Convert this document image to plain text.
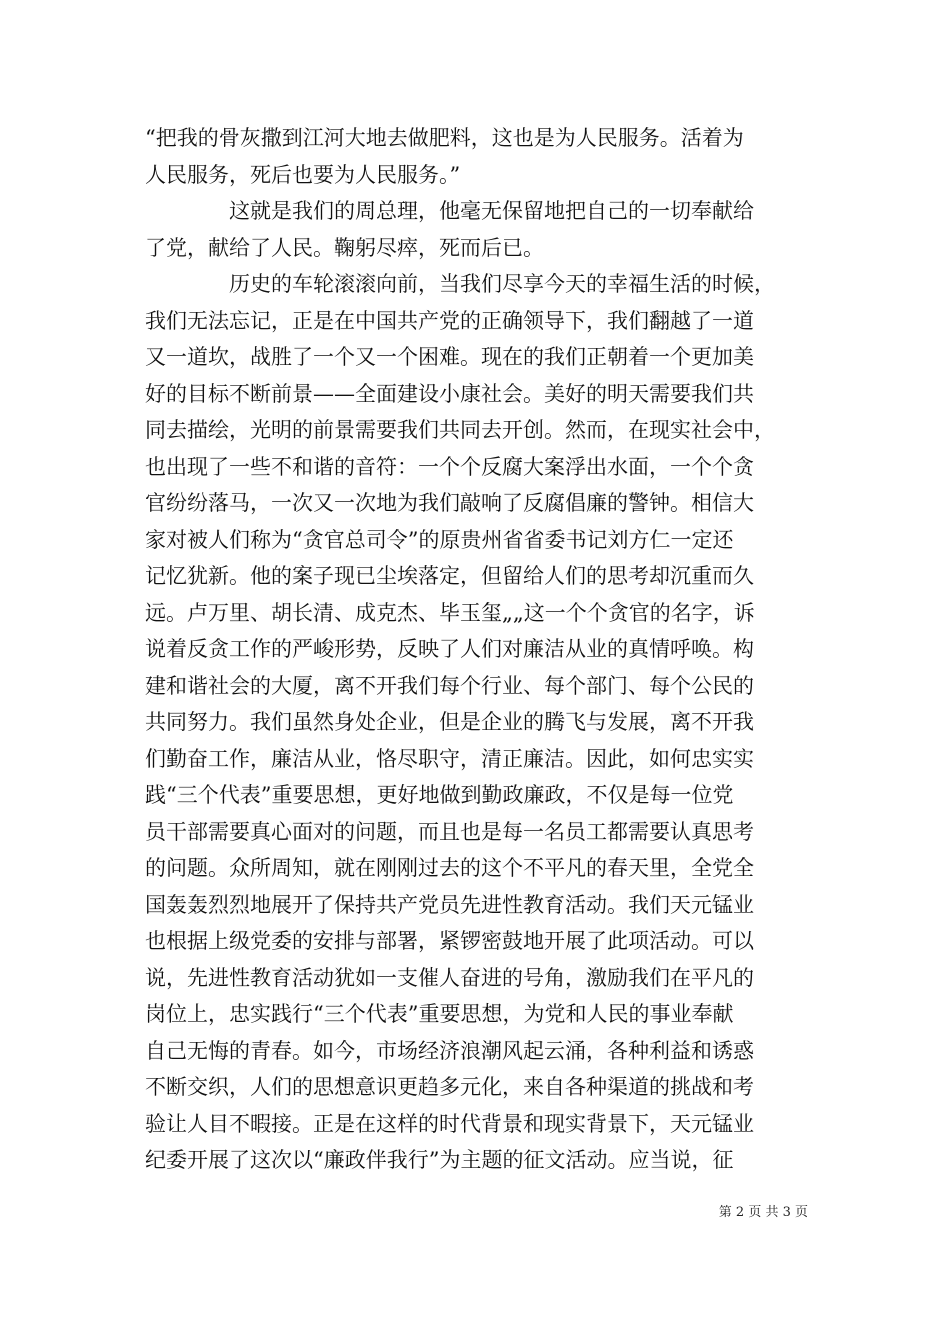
“把我的骨灰撒到江河大地去做肥料，这也是为人民服务。活着为
人民服务，死后也要为人民服务。”

　　　　这就是我们的周总理，他毫无保留地把自己的一切奉献给
了党，献给了人民。鞠躬尽瘁，死而后已。

　　　　历史的车轮滚滚向前，当我们尽享今天的幸福生活的时候，
我们无法忘记，正是在中国共产党的正确领导下，我们翻越了一道
又一道坎，战胜了一个又一个困难。现在的我们正朝着一个更加美
好的目标不断前景——全面建设小康社会。美好的明天需要我们共
同去描绘，光明的前景需要我们共同去开创。然而，在现实社会中，
也出现了一些不和谐的音符：一个个反腐大案浮出水面，一个个贪
官纷纷落马，一次又一次地为我们敲响了反腐倡廉的警钟。相信大
家对被人们称为“贪官总司令”的原贵州省省委书记刘方仁一定还
记忆犹新。他的案子现已尘埃落定，但留给人们的思考却沉重而久
远。卢万里、胡长清、成克杰、毕玉玺„„这一个个贪官的名字，诉
说着反贪工作的严峻形势，反映了人们对廉洁从业的真情呼唤。构
建和谐社会的大厦，离不开我们每个行业、每个部门、每个公民的
共同努力。我们虽然身处企业，但是企业的腾飞与发展，离不开我
们勤奋工作，廉洁从业，恪尽职守，清正廉洁。因此，如何忠实实
践“三个代表”重要思想，更好地做到勤政廉政，不仅是每一位党
员干部需要真心面对的问题，而且也是每一名员工都需要认真思考
的问题。众所周知，就在刚刚过去的这个不平凡的春天里，全党全
国轰轰烈烈地展开了保持共产党员先进性教育活动。我们天元锰业
也根据上级党委的安排与部署，紧锣密鼓地开展了此项活动。可以
说，先进性教育活动犹如一支催人奋进的号角，激励我们在平凡的
岗位上，忠实践行“三个代表”重要思想，为党和人民的事业奉献
自己无悔的青春。如今，市场经济浪潮风起云涌，各种利益和诱惑
不断交织，人们的思想意识更趋多元化，来自各种渠道的挑战和考
验让人目不暇接。正是在这样的时代背景和现实背景下，天元锰业
纪委开展了这次以“廉政伴我行”为主题的征文活动。应当说，征

第 2 页 共 3 页
